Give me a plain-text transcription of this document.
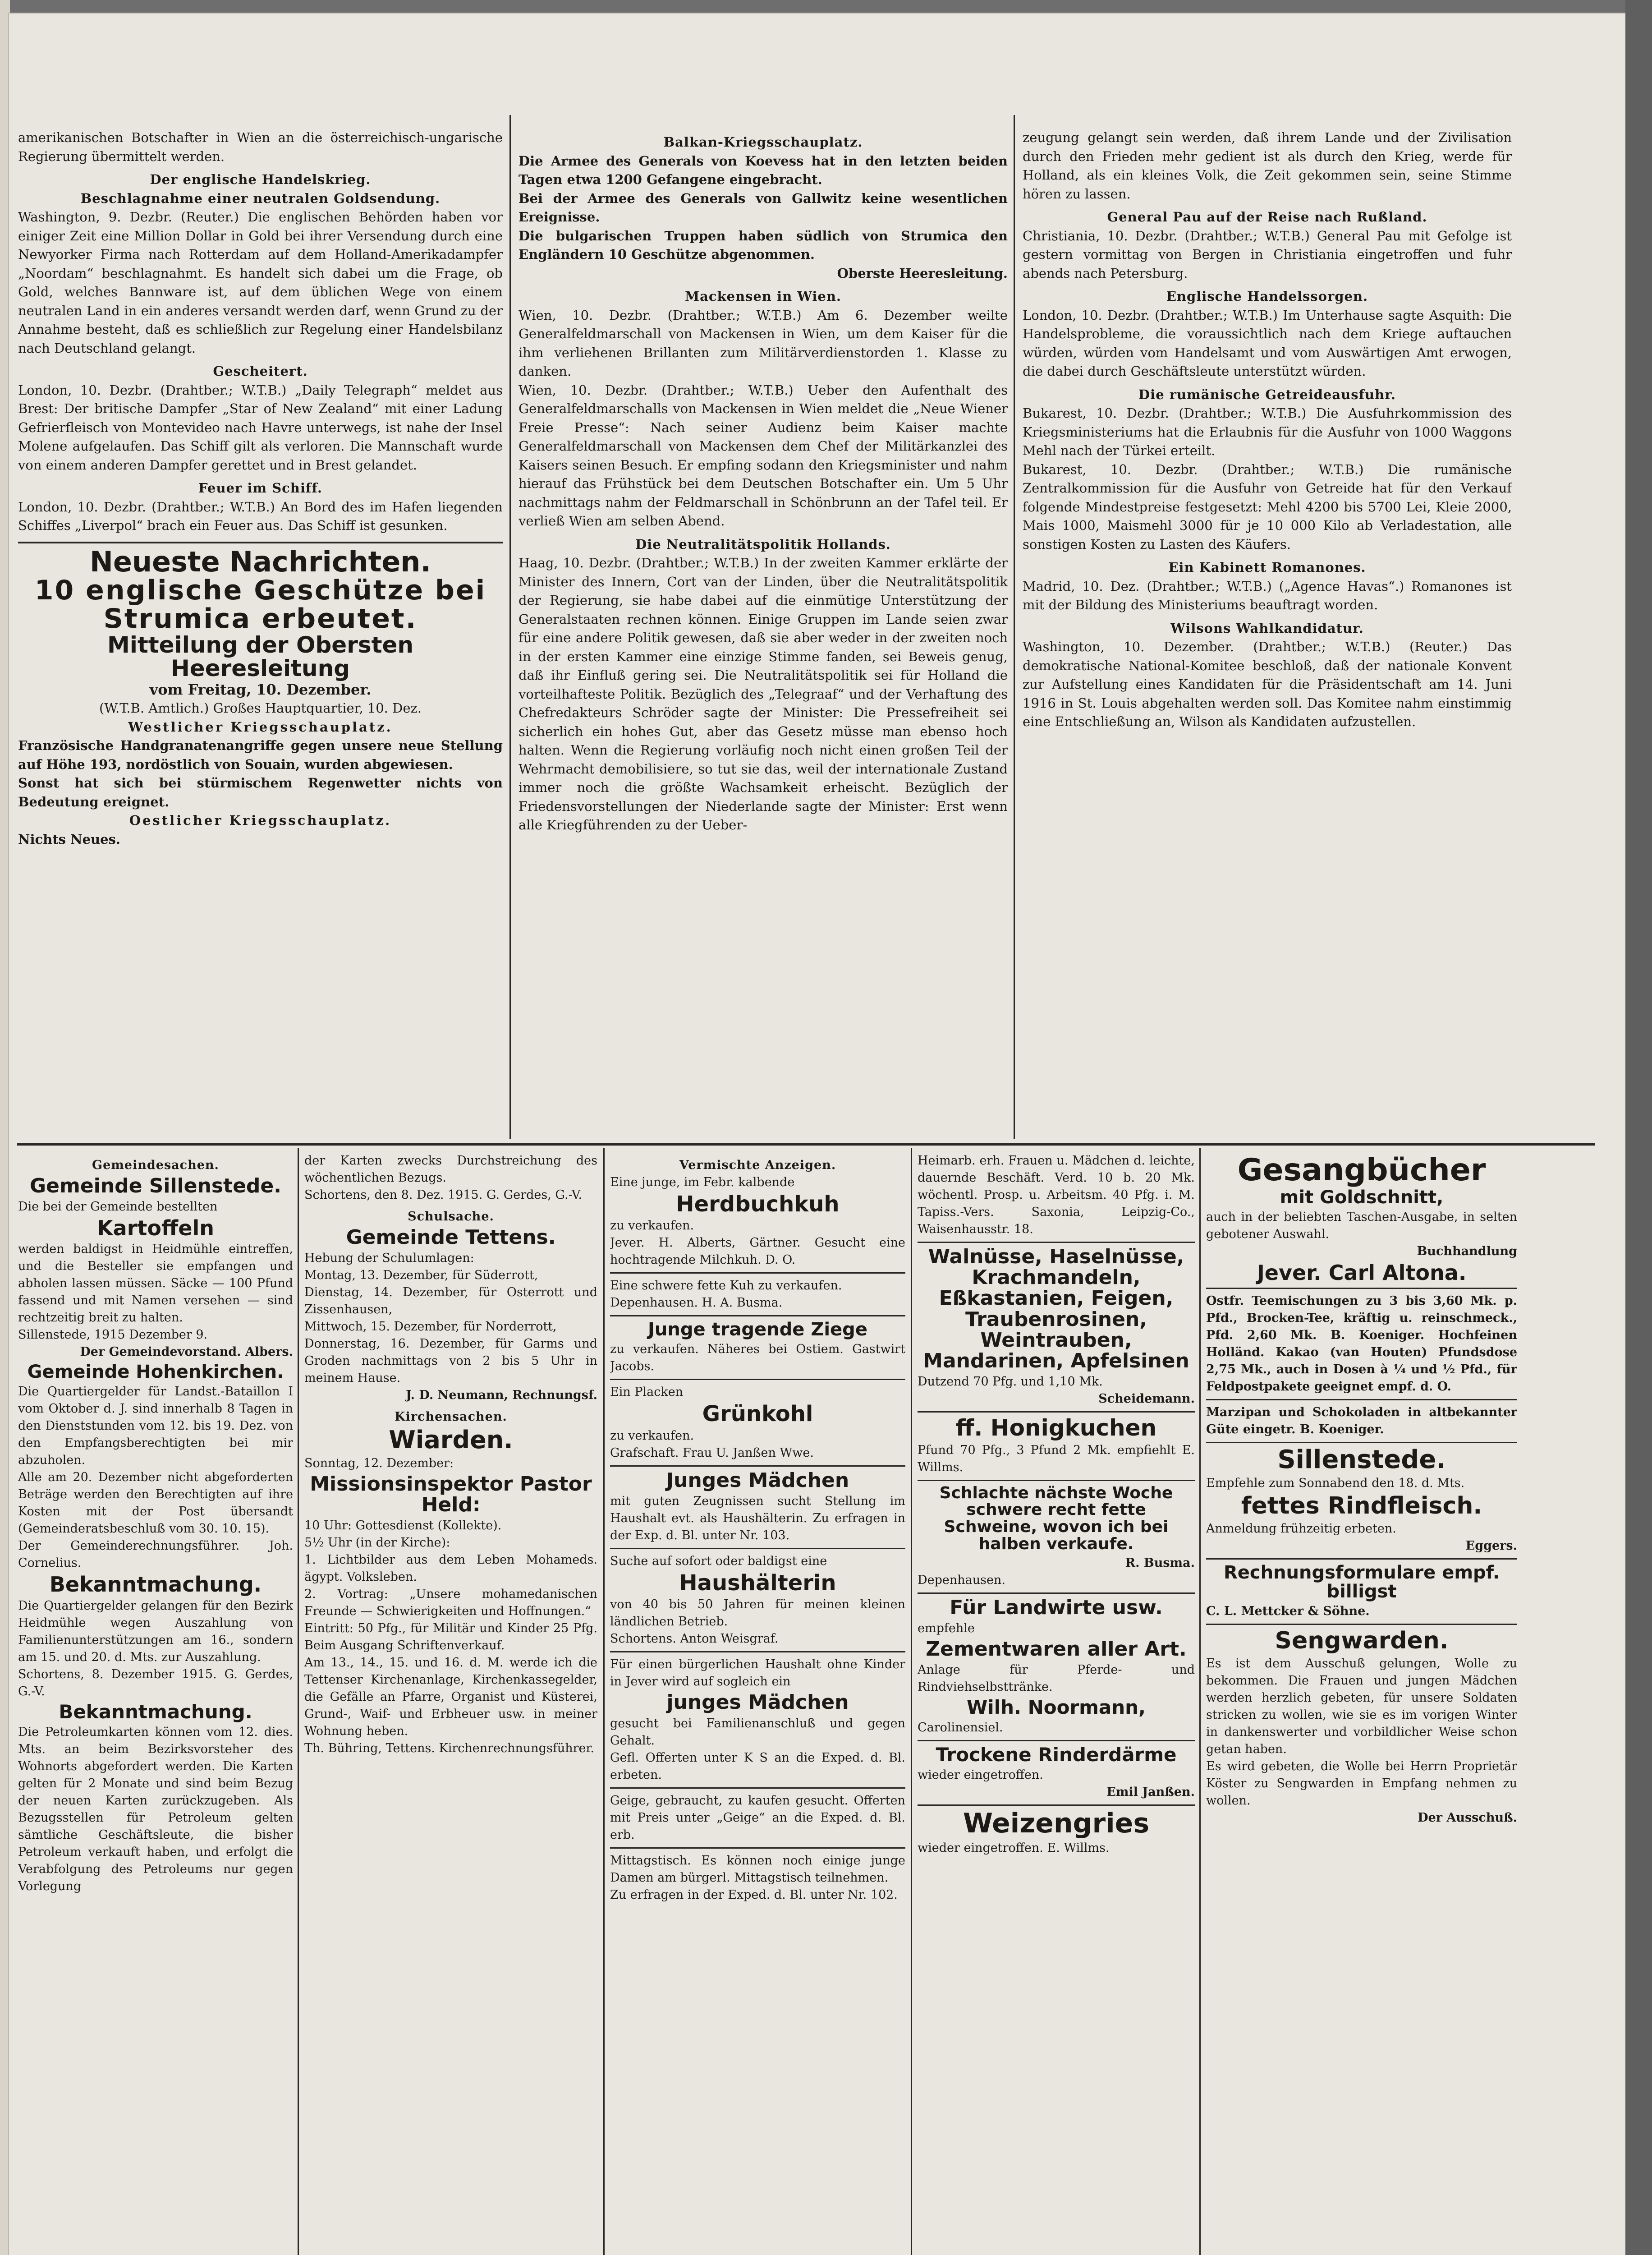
amerikanischen Botschafter in Wien an die österreichisch-ungarische Regierung übermittelt werden.

Der englische Handelskrieg.

Beschlagnahme einer neutralen Goldsendung.

Washington, 9. Dezbr. (Reuter.) Die englischen Behörden haben vor einiger Zeit eine Million Dollar in Gold bei ihrer Versendung durch eine Newyorker Firma nach Rotterdam auf dem Holland-Amerikadampfer „Noordam“ beschlagnahmt. Es handelt sich dabei um die Frage, ob Gold, welches Bannware ist, auf dem üblichen Wege von einem neutralen Land in ein anderes versandt werden darf, wenn Grund zu der Annahme besteht, daß es schließlich zur Regelung einer Handelsbilanz nach Deutschland gelangt.

Gescheitert.

London, 10. Dezbr. (Drahtber.; W.T.B.) „Daily Telegraph“ meldet aus Brest: Der britische Dampfer „Star of New Zealand“ mit einer Ladung Gefrierfleisch von Montevideo nach Havre unterwegs, ist nahe der Insel Molene aufgelaufen. Das Schiff gilt als verloren. Die Mannschaft wurde von einem anderen Dampfer gerettet und in Brest gelandet.

Feuer im Schiff.

London, 10. Dezbr. (Drahtber.; W.T.B.) An Bord des im Hafen liegenden Schiffes „Liverpol“ brach ein Feuer aus. Das Schiff ist gesunken.

Neueste Nachrichten.

10 englische Geschütze bei Strumica erbeutet.

Mitteilung der Obersten Heeresleitung

vom Freitag, 10. Dezember.

(W.T.B. Amtlich.) Großes Hauptquartier, 10. Dez.

Westlicher Kriegsschauplatz.

Französische Handgranatenangriffe gegen unsere neue Stellung auf Höhe 193, nordöstlich von Souain, wurden abgewiesen.

Sonst hat sich bei stürmischem Regenwetter nichts von Bedeutung ereignet.

Oestlicher Kriegsschauplatz.

Nichts Neues.

Balkan-Kriegsschauplatz.

Die Armee des Generals von Koevess hat in den letzten beiden Tagen etwa 1200 Gefangene eingebracht.

Bei der Armee des Generals von Gallwitz keine wesentlichen Ereignisse.

Die bulgarischen Truppen haben südlich von Strumica den Engländern 10 Geschütze abgenommen.

Oberste Heeresleitung.

Mackensen in Wien.

Wien, 10. Dezbr. (Drahtber.; W.T.B.) Am 6. Dezember weilte Generalfeldmarschall von Mackensen in Wien, um dem Kaiser für die ihm verliehenen Brillanten zum Militärverdienstorden 1. Klasse zu danken.

Wien, 10. Dezbr. (Drahtber.; W.T.B.) Ueber den Aufenthalt des Generalfeldmarschalls von Mackensen in Wien meldet die „Neue Wiener Freie Presse“: Nach seiner Audienz beim Kaiser machte Generalfeldmarschall von Mackensen dem Chef der Militärkanzlei des Kaisers seinen Besuch. Er empfing sodann den Kriegsminister und nahm hierauf das Frühstück bei dem Deutschen Botschafter ein. Um 5 Uhr nachmittags nahm der Feldmarschall in Schönbrunn an der Tafel teil. Er verließ Wien am selben Abend.

Die Neutralitätspolitik Hollands.

Haag, 10. Dezbr. (Drahtber.; W.T.B.) In der zweiten Kammer erklärte der Minister des Innern, Cort van der Linden, über die Neutralitätspolitik der Regierung, sie habe dabei auf die einmütige Unterstützung der Generalstaaten rechnen können. Einige Gruppen im Lande seien zwar für eine andere Politik gewesen, daß sie aber weder in der zweiten noch in der ersten Kammer eine einzige Stimme fanden, sei Beweis genug, daß ihr Einfluß gering sei. Die Neutralitätspolitik sei für Holland die vorteilhafteste Politik. Bezüglich des „Telegraaf“ und der Verhaftung des Chefredakteurs Schröder sagte der Minister: Die Pressefreiheit sei sicherlich ein hohes Gut, aber das Gesetz müsse man ebenso hoch halten. Wenn die Regierung vorläufig noch nicht einen großen Teil der Wehrmacht demobilisiere, so tut sie das, weil der internationale Zustand immer noch die größte Wachsamkeit erheischt. Bezüglich der Friedensvorstellungen der Niederlande sagte der Minister: Erst wenn alle Kriegführenden zu der Ueber-

zeugung gelangt sein werden, daß ihrem Lande und der Zivilisation durch den Frieden mehr gedient ist als durch den Krieg, werde für Holland, als ein kleines Volk, die Zeit gekommen sein, seine Stimme hören zu lassen.

General Pau auf der Reise nach Rußland.

Christiania, 10. Dezbr. (Drahtber.; W.T.B.) General Pau mit Gefolge ist gestern vormittag von Bergen in Christiania eingetroffen und fuhr abends nach Petersburg.

Englische Handelssorgen.

London, 10. Dezbr. (Drahtber.; W.T.B.) Im Unterhause sagte Asquith: Die Handelsprobleme, die voraussichtlich nach dem Kriege auftauchen würden, würden vom Handelsamt und vom Auswärtigen Amt erwogen, die dabei durch Geschäftsleute unterstützt würden.

Die rumänische Getreideausfuhr.

Bukarest, 10. Dezbr. (Drahtber.; W.T.B.) Die Ausfuhrkommission des Kriegsministeriums hat die Erlaubnis für die Ausfuhr von 1000 Waggons Mehl nach der Türkei erteilt.

Bukarest, 10. Dezbr. (Drahtber.; W.T.B.) Die rumänische Zentralkommission für die Ausfuhr von Getreide hat für den Verkauf folgende Mindestpreise festgesetzt: Mehl 4200 bis 5700 Lei, Kleie 2000, Mais 1000, Maismehl 3000 für je 10 000 Kilo ab Verladestation, alle sonstigen Kosten zu Lasten des Käufers.

Ein Kabinett Romanones.

Madrid, 10. Dez. (Drahtber.; W.T.B.) („Agence Havas“.) Romanones ist mit der Bildung des Ministeriums beauftragt worden.

Wilsons Wahlkandidatur.

Washington, 10. Dezember. (Drahtber.; W.T.B.) (Reuter.) Das demokratische National-Komitee beschloß, daß der nationale Konvent zur Aufstellung eines Kandidaten für die Präsidentschaft am 14. Juni 1916 in St. Louis abgehalten werden soll. Das Komitee nahm einstimmig eine Entschließung an, Wilson als Kandidaten aufzustellen.

Gemeindesachen.

Gemeinde Sillenstede.

Die bei der Gemeinde bestellten

Kartoffeln

werden baldigst in Heidmühle eintreffen, und die Besteller sie empfangen und abholen lassen müssen. Säcke — 100 Pfund fassend und mit Namen versehen — sind rechtzeitig breit zu halten.

Sillenstede, 1915 Dezember 9.

Der Gemeindevorstand. Albers.

Gemeinde Hohenkirchen.

Die Quartiergelder für Landst.-Bataillon I vom Oktober d. J. sind innerhalb 8 Tagen in den Dienststunden vom 12. bis 19. Dez. von den Empfangsberechtigten bei mir abzuholen.

Alle am 20. Dezember nicht abgeforderten Beträge werden den Berechtigten auf ihre Kosten mit der Post übersandt (Gemeinderatsbeschluß vom 30. 10. 15).

Der Gemeinderechnungsführer. Joh. Cornelius.

Bekanntmachung.

Die Quartiergelder gelangen für den Bezirk Heidmühle wegen Auszahlung von Familienunterstützungen am 16., sondern am 15. und 20. d. Mts. zur Auszahlung.

Schortens, 8. Dezember 1915. G. Gerdes, G.-V.

Bekanntmachung.

Die Petroleumkarten können vom 12. dies. Mts. an beim Bezirksvorsteher des Wohnorts abgefordert werden. Die Karten gelten für 2 Monate und sind beim Bezug der neuen Karten zurückzugeben. Als Bezugsstellen für Petroleum gelten sämtliche Geschäftsleute, die bisher Petroleum verkauft haben, und erfolgt die Verabfolgung des Petroleums nur gegen Vorlegung

der Karten zwecks Durchstreichung des wöchentlichen Bezugs.

Schortens, den 8. Dez. 1915. G. Gerdes, G.-V.

Schulsache.

Gemeinde Tettens.

Hebung der Schulumlagen:

Montag, 13. Dezember, für Süderrott,

Dienstag, 14. Dezember, für Osterrott und Zissenhausen,

Mittwoch, 15. Dezember, für Norderrott,

Donnerstag, 16. Dezember, für Garms und Groden nachmittags von 2 bis 5 Uhr in meinem Hause.

J. D. Neumann, Rechnungsf.

Kirchensachen.

Wiarden.

Sonntag, 12. Dezember:

Missionsinspektor Pastor Held:

10 Uhr: Gottesdienst (Kollekte).

5½ Uhr (in der Kirche):

1. Lichtbilder aus dem Leben Mohameds. ägypt. Volksleben.

2. Vortrag: „Unsere mohamedanischen Freunde — Schwierigkeiten und Hoffnungen.“

Eintritt: 50 Pfg., für Militär und Kinder 25 Pfg. Beim Ausgang Schriftenverkauf.

Am 13., 14., 15. und 16. d. M. werde ich die Tettenser Kirchenanlage, Kirchenkassegelder, die Gefälle an Pfarre, Organist und Küsterei, Grund-, Waif- und Erbheuer usw. in meiner Wohnung heben.

Th. Bühring, Tettens. Kirchenrechnungsführer.

Vermischte Anzeigen.

Eine junge, im Febr. kalbende

Herdbuchkuh

zu verkaufen.

Jever. H. Alberts, Gärtner. Gesucht eine hochtragende Milchkuh. D. O.

Eine schwere fette Kuh zu verkaufen.

Depenhausen. H. A. Busma.

Junge tragende Ziege

zu verkaufen. Näheres bei Ostiem. Gastwirt Jacobs.

Ein Placken

Grünkohl

zu verkaufen.

Grafschaft. Frau U. Janßen Wwe.

Junges Mädchen

mit guten Zeugnissen sucht Stellung im Haushalt evt. als Haushälterin. Zu erfragen in der Exp. d. Bl. unter Nr. 103.

Suche auf sofort oder baldigst eine

Haushälterin

von 40 bis 50 Jahren für meinen kleinen ländlichen Betrieb.

Schortens. Anton Weisgraf.

Für einen bürgerlichen Haushalt ohne Kinder in Jever wird auf sogleich ein

junges Mädchen

gesucht bei Familienanschluß und gegen Gehalt.

Gefl. Offerten unter K S an die Exped. d. Bl. erbeten.

Geige, gebraucht, zu kaufen gesucht. Offerten mit Preis unter „Geige“ an die Exped. d. Bl. erb.

Mittagstisch. Es können noch einige junge Damen am bürgerl. Mittagstisch teilnehmen.

Zu erfragen in der Exped. d. Bl. unter Nr. 102.

Heimarb. erh. Frauen u. Mädchen d. leichte, dauernde Beschäft. Verd. 10 b. 20 Mk. wöchentl. Prosp. u. Arbeitsm. 40 Pfg. i. M. Tapiss.-Vers. Saxonia, Leipzig-Co., Waisenhausstr. 18.

Walnüsse, Haselnüsse, Krachmandeln, Eßkastanien, Feigen, Traubenrosinen, Weintrauben, Mandarinen, Apfelsinen

Dutzend 70 Pfg. und 1,10 Mk.

Scheidemann.

ff. Honigkuchen

Pfund 70 Pfg., 3 Pfund 2 Mk. empfiehlt E. Willms.

Schlachte nächste Woche schwere recht fette Schweine, wovon ich bei halben verkaufe.

R. Busma.

Depenhausen.

Für Landwirte usw.

empfehle

Zementwaren aller Art.

Anlage für Pferde- und Rindviehselbsttränke.

Wilh. Noormann,

Carolinensiel.

Trockene Rinderdärme

wieder eingetroffen.

Emil Janßen.

Weizengries

wieder eingetroffen. E. Willms.

Gesangbücher

mit Goldschnitt,

auch in der beliebten Taschen-Ausgabe, in selten gebotener Auswahl.

Buchhandlung

Jever. Carl Altona.

Ostfr. Teemischungen zu 3 bis 3,60 Mk. p. Pfd., Brocken-Tee, kräftig u. reinschmeck., Pfd. 2,60 Mk. B. Koeniger. Hochfeinen Holländ. Kakao (van Houten) Pfundsdose 2,75 Mk., auch in Dosen à ¼ und ½ Pfd., für Feldpostpakete geeignet empf. d. O.

Marzipan und Schokoladen in altbekannter Güte eingetr. B. Koeniger.

Sillenstede.

Empfehle zum Sonnabend den 18. d. Mts.

fettes Rindfleisch.

Anmeldung frühzeitig erbeten.

Eggers.

Rechnungsformulare empf. billigst

C. L. Mettcker & Söhne.

Sengwarden.

Es ist dem Ausschuß gelungen, Wolle zu bekommen. Die Frauen und jungen Mädchen werden herzlich gebeten, für unsere Soldaten stricken zu wollen, wie sie es im vorigen Winter in dankenswerter und vorbildlicher Weise schon getan haben.

Es wird gebeten, die Wolle bei Herrn Proprietär Köster zu Sengwarden in Empfang nehmen zu wollen.

Der Ausschuß.
